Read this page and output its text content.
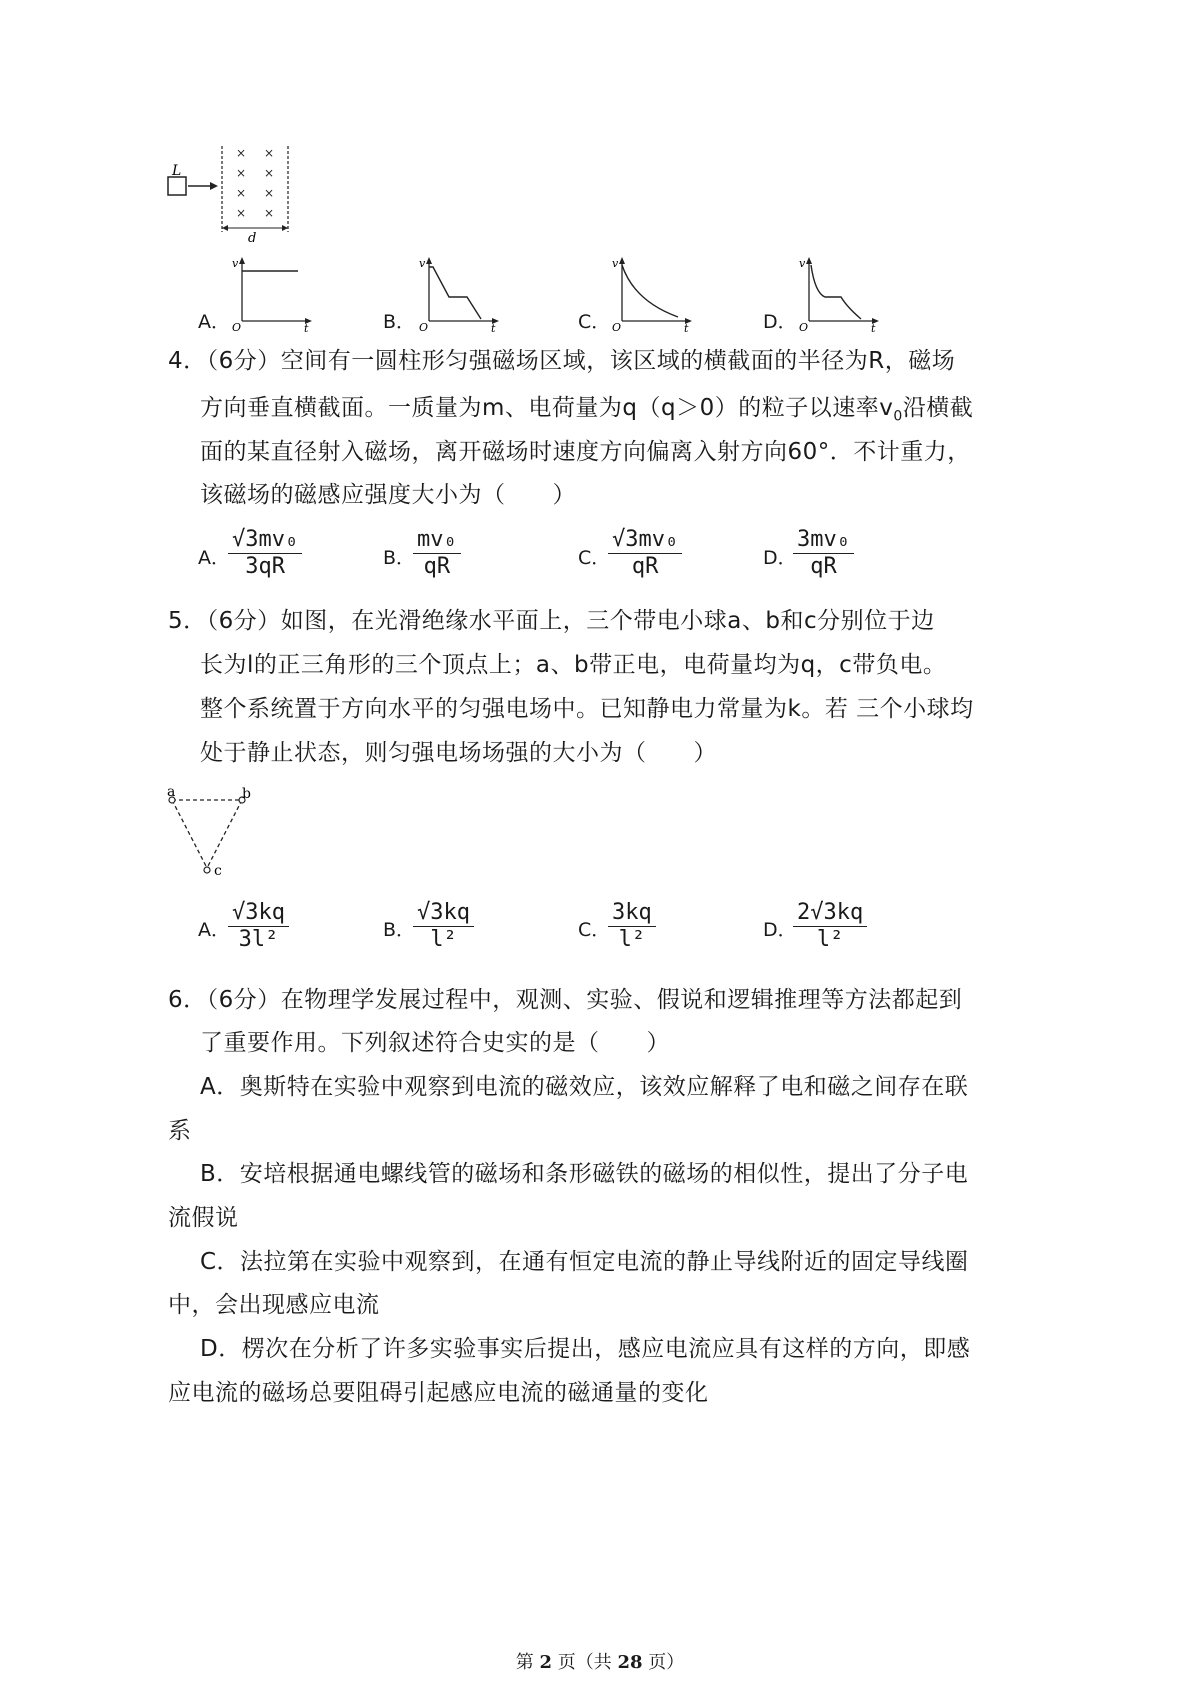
L
× ×
× ×
× ×
× ×
d
A．
v
O	t	B．
v
O	t	C．
v
O	t	D．
v
O	t
4．（6分）空间有一圆柱形匀强磁场区域，该区域的横截面的半径为R，磁场
方向垂直横截面。一质量为m、电荷量为q（q＞0）的粒子以速率$v_0$沿横截
面的某直径射入磁场，离开磁场时速度方向偏离入射方向60°．不计重力，
该磁场的磁感应强度大小为（　　）
A．
$\frac{\text{√3mv₀}}{3qR}$	B．
$\frac{\text{mv₀}}{qR}$	C．
$\frac{\text{√3mv₀}}{qR}$	D．
$\frac{\text{3mv₀}}{qR}$
5．（6分）如图，在光滑绝缘水平面上，三个带电小球a、b和c分别位于边
长为l的正三角形的三个顶点上；a、b带正电，电荷量均为q，c带负电。
整个系统置于方向水平的匀强电场中。已知静电力常量为k。若 三个小球均
处于静止状态，则匀强电场场强的大小为（　　）
a	b
c
A．
$\frac{√3kq}{\text{3l²}}$	B．
$\frac{√3kq}{\text{l²}}$	C．
$\frac{3kq}{\text{l²}}$	D．
$\frac{2√3kq}{\text{l²}}$
6．（6分）在物理学发展过程中，观测、实验、假说和逻辑推理等方法都起到
了重要作用。下列叙述符合史实的是（　　）
A．奥斯特在实验中观察到电流的磁效应，该效应解释了电和磁之间存在联
系
B．安培根据通电螺线管的磁场和条形磁铁的磁场的相似性，提出了分子电
流假说
C．法拉第在实验中观察到，在通有恒定电流的静止导线附近的固定导线圈
中，会出现感应电流
D．楞次在分析了许多实验事实后提出，感应电流应具有这样的方向，即感
应电流的磁场总要阻碍引起感应电流的磁通量的变化
第 2 页（共 28 页）
